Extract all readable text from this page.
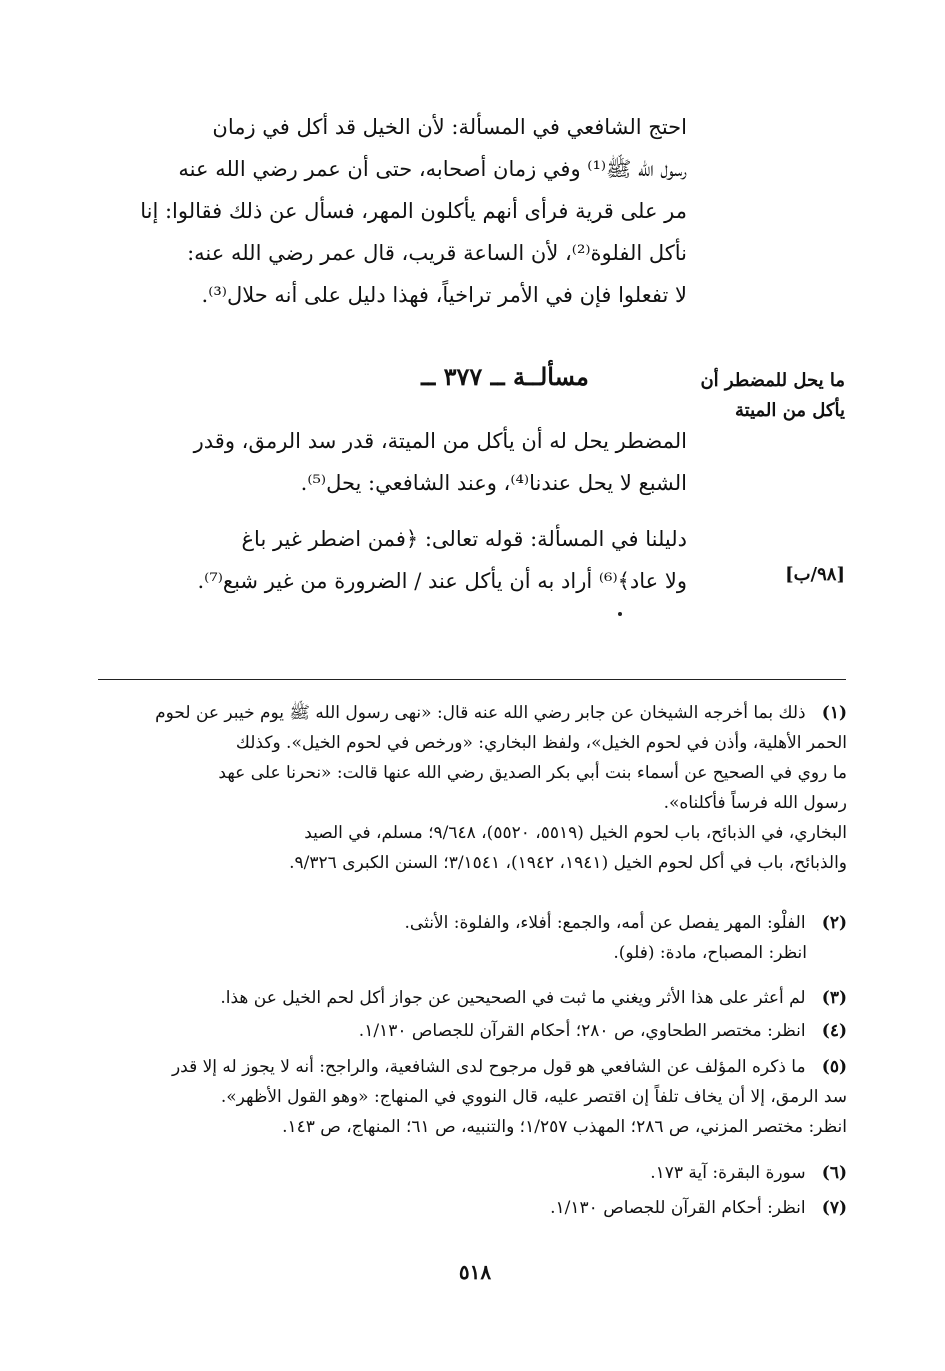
احتج الشافعي في المسألة: لأن الخيل قد أكل في زمان
رسول الله ﷺ⁽¹⁾ وفي زمان أصحابه، حتى أن عمر رضي الله عنه
مر على قرية فرأى أنهم يأكلون المهر، فسأل عن ذلك فقالوا: إنا
نأكل الفلوة⁽²⁾، لأن الساعة قريب، قال عمر رضي الله عنه:
لا تفعلوا فإن في الأمر تراخياً، فهذا دليل على أنه حلال⁽³⁾.
ما يحل للمضطر أن
يأكل من الميتة
مسألــة ــ ٣٧٧ ــ
المضطر يحل له أن يأكل من الميتة، قدر سد الرمق، وقدر
الشبع لا يحل عندنا⁽⁴⁾، وعند الشافعي: يحل⁽⁵⁾.
دليلنا في المسألة: قوله تعالى: ﴿فمن اضطر غير باغ
ولا عاد﴾⁽⁶⁾ أراد به أن يأكل عند / الضرورة من غير شبع⁽⁷⁾.	[٩٨/ب]
(١) ذلك بما أخرجه الشيخان عن جابر رضي الله عنه قال: «نهى رسول الله ﷺ يوم خيبر عن لحوم
الحمر الأهلية، وأذن في لحوم الخيل»، ولفظ البخاري: «ورخص في لحوم الخيل». وكذلك
ما روي في الصحيح عن أسماء بنت أبي بكر الصديق رضي الله عنها قالت: «نحرنا على عهد
رسول الله فرساً فأكلناه».
البخاري، في الذبائح، باب لحوم الخيل (٥٥١٩، ٥٥٢٠)، ٩/٦٤٨؛ مسلم، في الصيد
والذبائح، باب في أكل لحوم الخيل (١٩٤١، ١٩٤٢)، ٣/١٥٤١؛ السنن الكبرى ٩/٣٢٦.
(٢) الفلْو: المهر يفصل عن أمه، والجمع: أفلاء، والفلوة: الأنثى.
انظر: المصباح، مادة: (فلو).
(٣) لم أعثر على هذا الأثر ويغني ما ثبت في الصحيحين عن جواز أكل لحم الخيل عن هذا.
(٤) انظر: مختصر الطحاوي، ص ٢٨٠؛ أحكام القرآن للجصاص ١/١٣٠.
(٥) ما ذكره المؤلف عن الشافعي هو قول مرجوح لدى الشافعية، والراجح: أنه لا يجوز له إلا قدر
سد الرمق، إلا أن يخاف تلفاً إن اقتصر عليه، قال النووي في المنهاج: «وهو القول الأظهر».
انظر: مختصر المزني، ص ٢٨٦؛ المهذب ١/٢٥٧؛ والتنبيه، ص ٦١؛ المنهاج، ص ١٤٣.
(٦) سورة البقرة: آية ١٧٣.
(٧) انظر: أحكام القرآن للجصاص ١/١٣٠.
٥١٨
